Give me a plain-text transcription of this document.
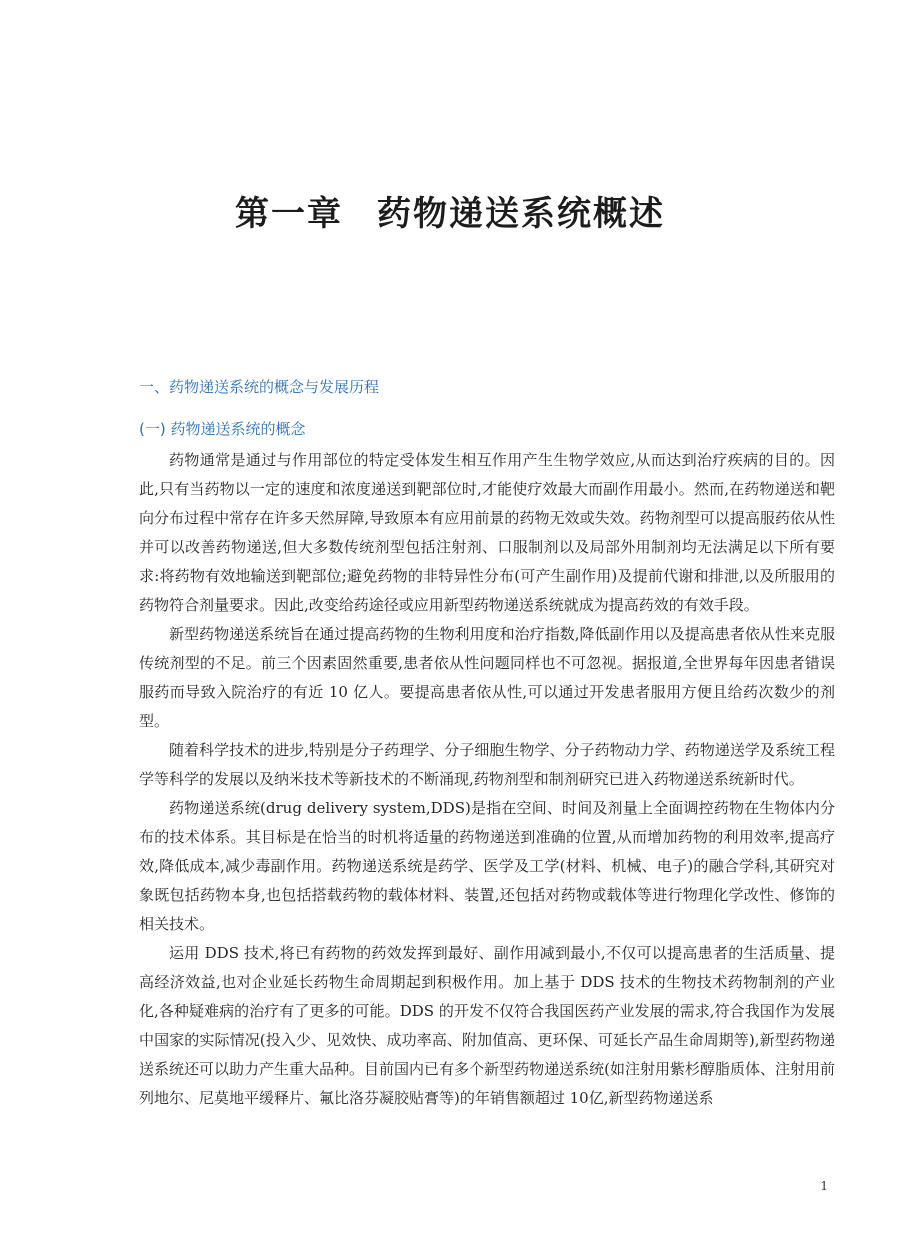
第一章 药物递送系统概述
一、药物递送系统的概念与发展历程
(一) 药物递送系统的概念

药物通常是通过与作用部位的特定受体发生相互作用产生生物学效应,从而达到治疗疾病的目的。因此,只有当药物以一定的速度和浓度递送到靶部位时,才能使疗效最大而副作用最小。然而,在药物递送和靶向分布过程中常存在许多天然屏障,导致原本有应用前景的药物无效或失效。药物剂型可以提高服药依从性并可以改善药物递送,但大多数传统剂型包括注射剂、口服制剂以及局部外用制剂均无法满足以下所有要求:将药物有效地输送到靶部位;避免药物的非特异性分布(可产生副作用)及提前代谢和排泄,以及所服用的药物符合剂量要求。因此,改变给药途径或应用新型药物递送系统就成为提高药效的有效手段。

新型药物递送系统旨在通过提高药物的生物利用度和治疗指数,降低副作用以及提高患者依从性来克服传统剂型的不足。前三个因素固然重要,患者依从性问题同样也不可忽视。据报道,全世界每年因患者错误服药而导致入院治疗的有近 10 亿人。要提高患者依从性,可以通过开发患者服用方便且给药次数少的剂型。

随着科学技术的进步,特别是分子药理学、分子细胞生物学、分子药物动力学、药物递送学及系统工程学等科学的发展以及纳米技术等新技术的不断涌现,药物剂型和制剂研究已进入药物递送系统新时代。

药物递送系统(drug delivery system,DDS)是指在空间、时间及剂量上全面调控药物在生物体内分布的技术体系。其目标是在恰当的时机将适量的药物递送到准确的位置,从而增加药物的利用效率,提高疗效,降低成本,减少毒副作用。药物递送系统是药学、医学及工学(材料、机械、电子)的融合学科,其研究对象既包括药物本身,也包括搭载药物的载体材料、装置,还包括对药物或载体等进行物理化学改性、修饰的相关技术。

运用 DDS 技术,将已有药物的药效发挥到最好、副作用减到最小,不仅可以提高患者的生活质量、提高经济效益,也对企业延长药物生命周期起到积极作用。加上基于 DDS 技术的生物技术药物制剂的产业化,各种疑难病的治疗有了更多的可能。DDS 的开发不仅符合我国医药产业发展的需求,符合我国作为发展中国家的实际情况(投入少、见效快、成功率高、附加值高、更环保、可延长产品生命周期等),新型药物递送系统还可以助力产生重大品种。目前国内已有多个新型药物递送系统(如注射用紫杉醇脂质体、注射用前列地尔、尼莫地平缓释片、氟比洛芬凝胶贴膏等)的年销售额超过 10亿,新型药物递送系

1
